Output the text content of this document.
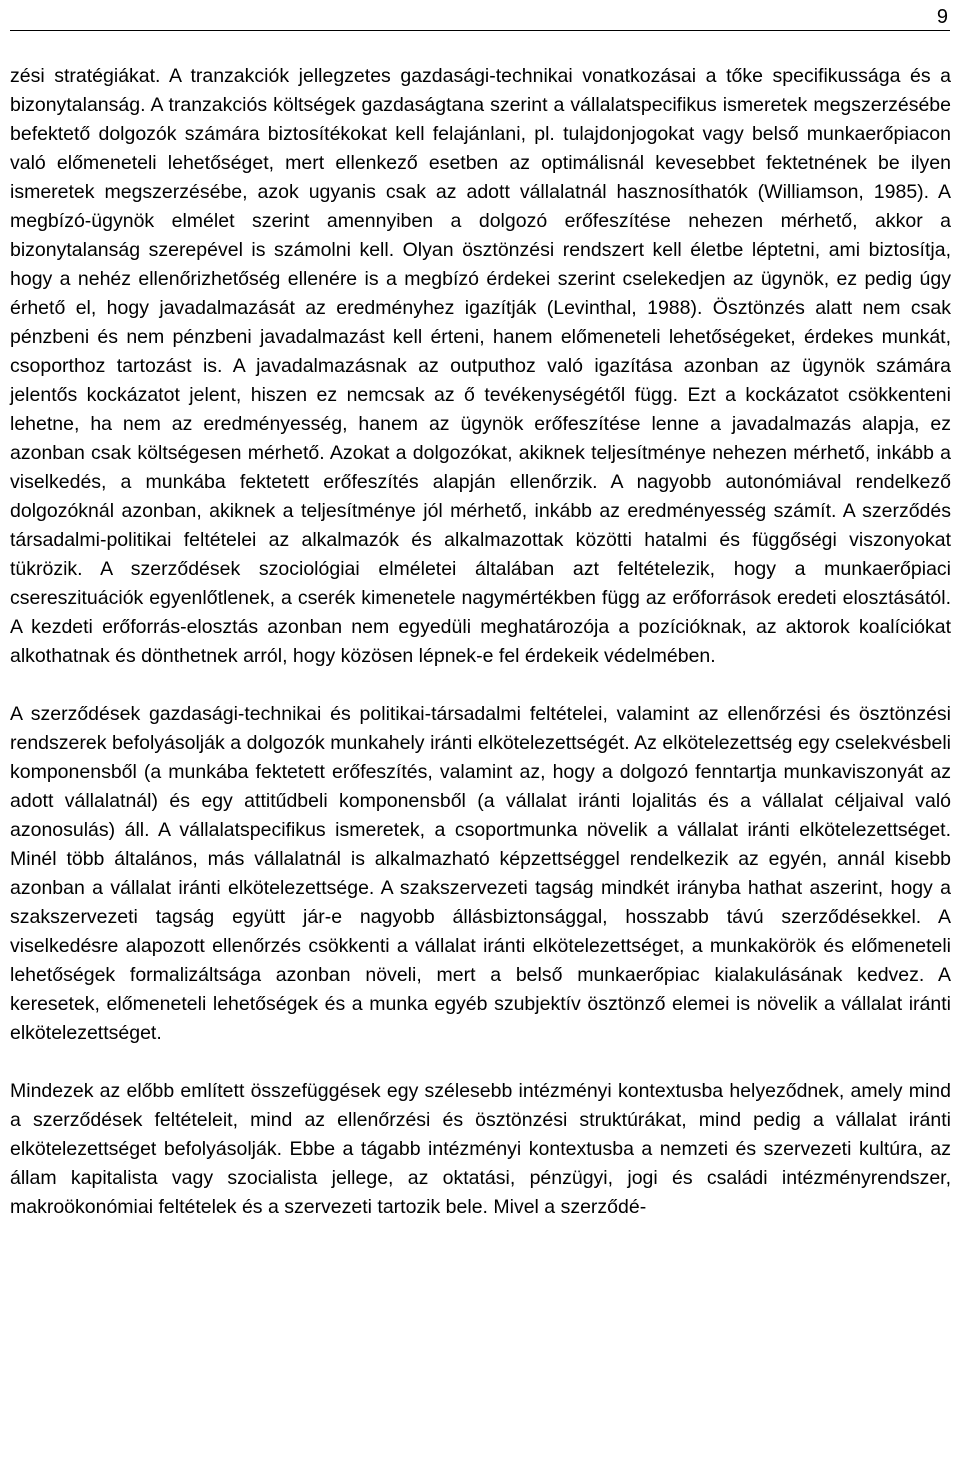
9

zési stratégiákat. A tranzakciók jellegzetes gazdasági-technikai vonatkozásai a tőke specifikussága és a bizonytalanság. A tranzakciós költségek gazdaságtana szerint a vállalatspecifikus ismeretek megszerzésébe befektető dolgozók számára biztosítékokat kell felajánlani, pl. tulajdonjogokat vagy belső munkaerőpiacon való előmeneteli lehetőséget, mert ellenkező esetben az optimálisnál kevesebbet fektetnének be ilyen ismeretek megszerzésébe, azok ugyanis csak az adott vállalatnál hasznosíthatók (Williamson, 1985). A megbízó-ügynök elmélet szerint amennyiben a dolgozó erőfeszítése nehezen mérhető, akkor a bizonytalanság szerepével is számolni kell. Olyan ösztönzési rendszert kell életbe léptetni, ami biztosítja, hogy a nehéz ellenőrizhetőség ellenére is a megbízó érdekei szerint cselekedjen az ügynök, ez pedig úgy érhető el, hogy javadalmazását az eredményhez igazítják (Levinthal, 1988). Ösztönzés alatt nem csak pénzbeni és nem pénzbeni javadalmazást kell érteni, hanem előmeneteli lehetőségeket, érdekes munkát, csoporthoz tartozást is. A javadalmazásnak az outputhoz való igazítása azonban az ügynök számára jelentős kockázatot jelent, hiszen ez nemcsak az ő tevékenységétől függ. Ezt a kockázatot csökkenteni lehetne, ha nem az eredményesség, hanem az ügynök erőfeszítése lenne a javadalmazás alapja, ez azonban csak költségesen mérhető. Azokat a dolgozókat, akiknek teljesítménye nehezen mérhető, inkább a viselkedés, a munkába fektetett erőfeszítés alapján ellenőrzik. A nagyobb autonómiával rendelkező dolgozóknál azonban, akiknek a teljesítménye jól mérhető, inkább az eredményesség számít. A szerződés társadalmi-politikai feltételei az alkalmazók és alkalmazottak közötti hatalmi és függőségi viszonyokat tükrözik. A szerződések szociológiai elméletei általában azt feltételezik, hogy a munkaerőpiaci csereszituációk egyenlőtlenek, a cserék kimenetele nagymértékben függ az erőforrások eredeti elosztásától. A kezdeti erőforrás-elosztás azonban nem egyedüli meghatározója a pozícióknak, az aktorok koalíciókat alkothatnak és dönthetnek arról, hogy közösen lépnek-e fel érdekeik védelmében.

A szerződések gazdasági-technikai és politikai-társadalmi feltételei, valamint az ellenőrzési és ösztönzési rendszerek befolyásolják a dolgozók munkahely iránti elkötelezettségét. Az elkötelezettség egy cselekvésbeli komponensből (a munkába fektetett erőfeszítés, valamint az, hogy a dolgozó fenntartja munkaviszonyát az adott vállalatnál) és egy attitűdbeli komponensből (a vállalat iránti lojalitás és a vállalat céljaival való azonosulás) áll. A vállalatspecifikus ismeretek, a csoportmunka növelik a vállalat iránti elkötelezettséget. Minél több általános, más vállalatnál is alkalmazható képzettséggel rendelkezik az egyén, annál kisebb azonban a vállalat iránti elkötelezettsége. A szakszervezeti tagság mindkét irányba hathat aszerint, hogy a szakszervezeti tagság együtt jár-e nagyobb állásbiztonsággal, hosszabb távú szerződésekkel. A viselkedésre alapozott ellenőrzés csökkenti a vállalat iránti elkötelezettséget, a munkakörök és előmeneteli lehetőségek formalizáltsága azonban növeli, mert a belső munkaerőpiac kialakulásának kedvez. A keresetek, előmeneteli lehetőségek és a munka egyéb szubjektív ösztönző elemei is növelik a vállalat iránti elkötelezettséget.

Mindezek az előbb említett összefüggések egy szélesebb intézményi kontextusba helyeződnek, amely mind a szerződések feltételeit, mind az ellenőrzési és ösztönzési struktúrákat, mind pedig a vállalat iránti elkötelezettséget befolyásolják. Ebbe a tágabb intézményi kontextusba a nemzeti és szervezeti kultúra, az állam kapitalista vagy szocialista jellege, az oktatási, pénzügyi, jogi és családi intézményrendszer, makroökonómiai feltételek és a szervezeti tartozik bele. Mivel a szerződé-
